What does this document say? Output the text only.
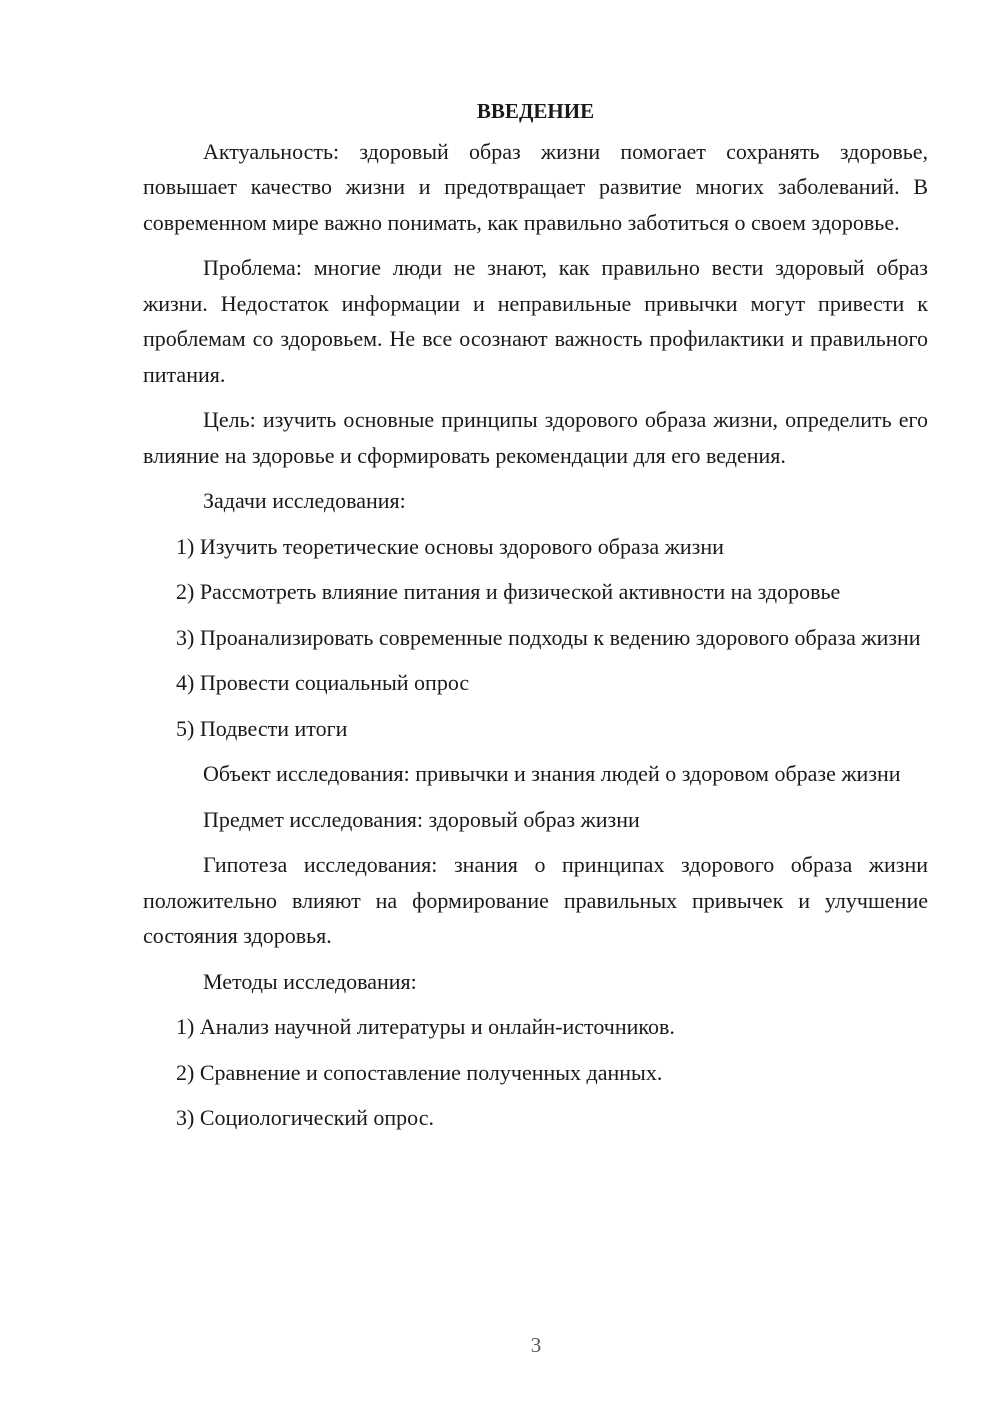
ВВЕДЕНИЕ

Актуальность: здоровый образ жизни помогает сохранять здоровье, повышает качество жизни и предотвращает развитие многих заболеваний. В современном мире важно понимать, как правильно заботиться о своем здоровье.

Проблема: многие люди не знают, как правильно вести здоровый образ жизни. Недостаток информации и неправильные привычки могут привести к проблемам со здоровьем. Не все осознают важность профилактики и правильного питания.

Цель: изучить основные принципы здорового образа жизни, определить его влияние на здоровье и сформировать рекомендации для его ведения.

Задачи исследования:

1) Изучить теоретические основы здорового образа жизни

2) Рассмотреть влияние питания и физической активности на здоровье

3) Проанализировать современные подходы к ведению здорового образа жизни

4) Провести социальный опрос

5) Подвести итоги

Объект исследования: привычки и знания людей о здоровом образе жизни

Предмет исследования: здоровый образ жизни

Гипотеза исследования: знания о принципах здорового образа жизни положительно влияют на формирование правильных привычек и улучшение состояния здоровья.

Методы исследования:

1) Анализ научной литературы и онлайн-источников.

2) Сравнение и сопоставление полученных данных.

3) Социологический опрос.

3
